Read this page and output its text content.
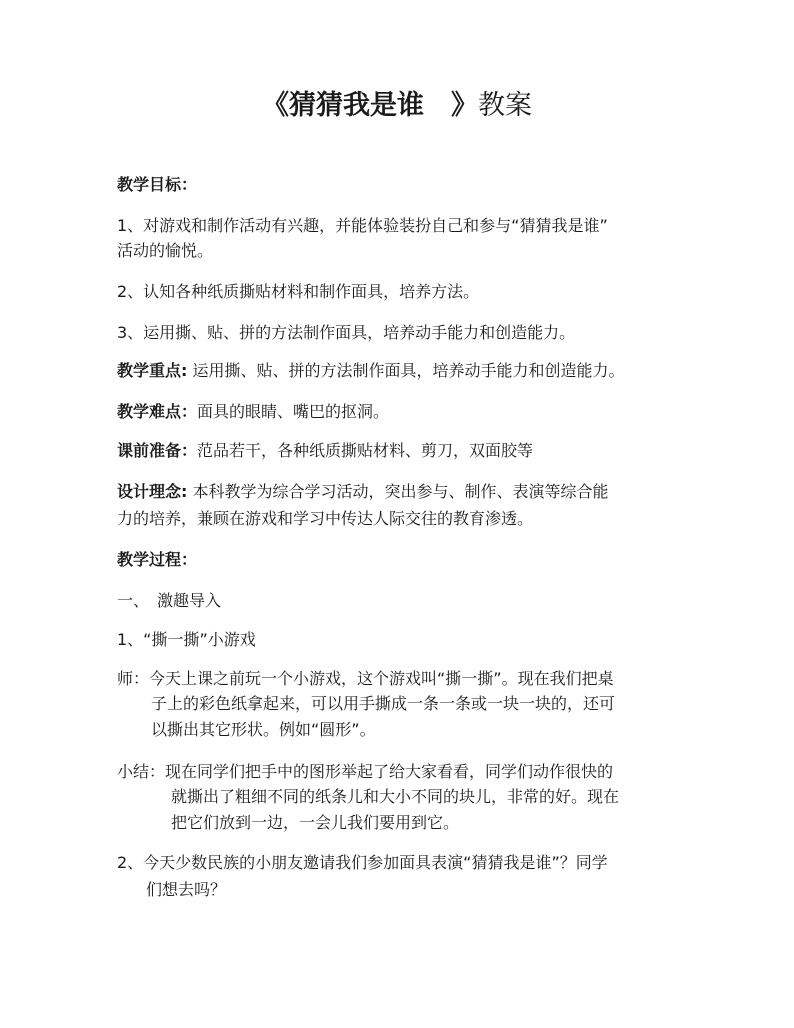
《猜猜我是谁　》教案
教学目标：
1、对游戏和制作活动有兴趣，并能体验装扮自己和参与“猜猜我是谁”
活动的愉悦。
2、认知各种纸质撕贴材料和制作面具，培养方法。
3、运用撕、贴、拼的方法制作面具，培养动手能力和创造能力。
教学重点: 运用撕、贴、拼的方法制作面具，培养动手能力和创造能力。
教学难点：面具的眼睛、嘴巴的抠洞。
课前准备：范品若干，各种纸质撕贴材料、剪刀，双面胶等
设计理念: 本科教学为综合学习活动，突出参与、制作、表演等综合能
力的培养，兼顾在游戏和学习中传达人际交往的教育渗透。
教学过程：
一、　激趣导入
1、“撕一撕”小游戏
师：今天上课之前玩一个小游戏，这个游戏叫“撕一撕”。现在我们把桌
子上的彩色纸拿起来，可以用手撕成一条一条或一块一块的，还可
以撕出其它形状。例如“圆形”。
小结：现在同学们把手中的图形举起了给大家看看，同学们动作很快的
就撕出了粗细不同的纸条儿和大小不同的块儿，非常的好。现在
把它们放到一边，一会儿我们要用到它。
2、今天少数民族的小朋友邀请我们参加面具表演“猜猜我是谁”？同学
们想去吗？
